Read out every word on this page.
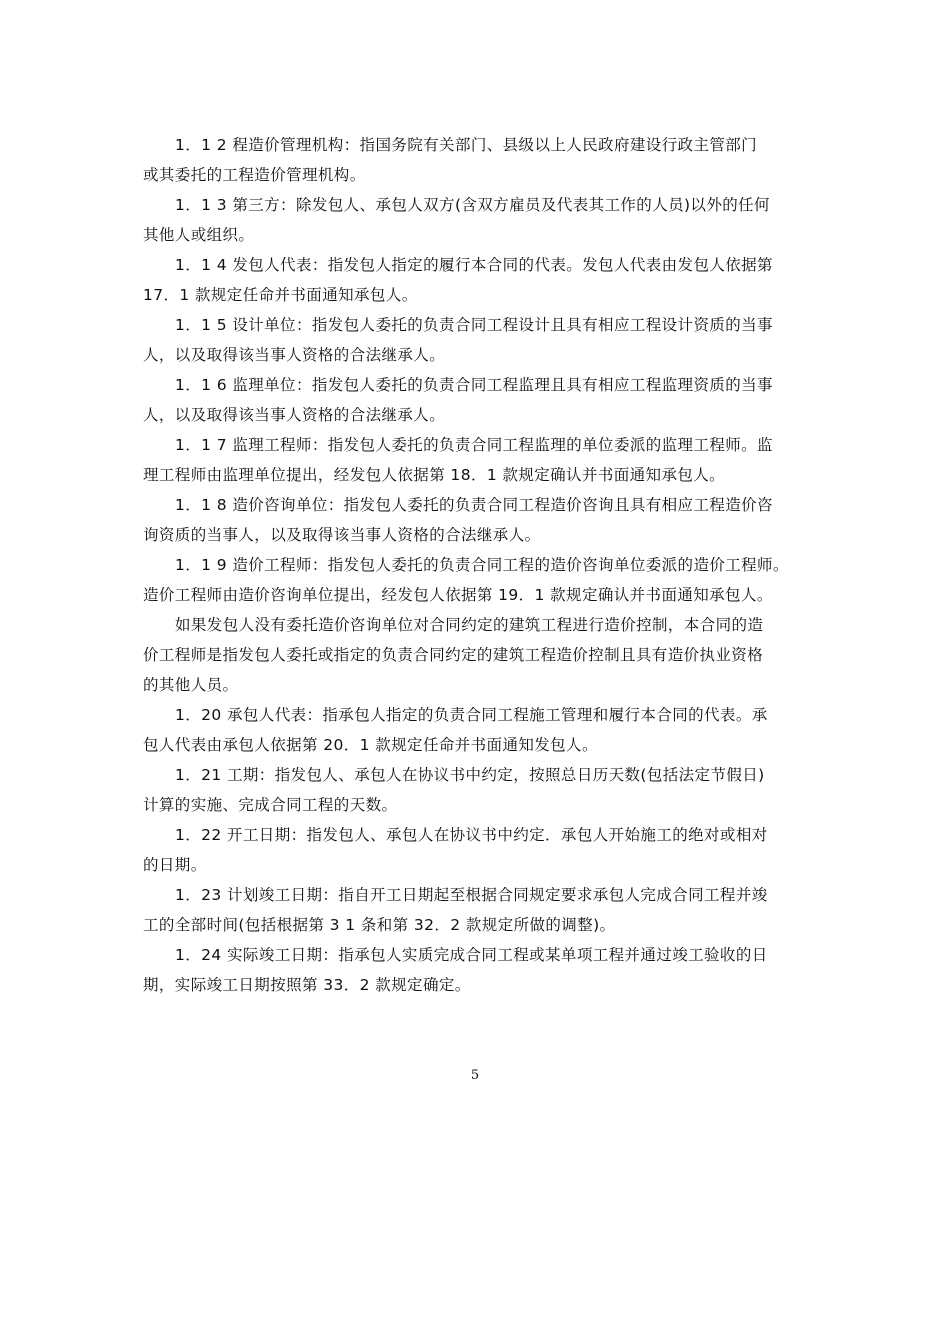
1．1 2 程造价管理机构：指国务院有关部门、县级以上人民政府建设行政主管部门
或其委托的工程造价管理机构。
1．1 3 第三方：除发包人、承包人双方(含双方雇员及代表其工作的人员)以外的任何
其他人或组织。
1．1 4 发包人代表：指发包人指定的履行本合同的代表。发包人代表由发包人依据第
17．1 款规定任命并书面通知承包人。
1．1 5 设计单位：指发包人委托的负责合同工程设计且具有相应工程设计资质的当事
人，以及取得该当事人资格的合法继承人。
1．1 6 监理单位：指发包人委托的负责合同工程监理且具有相应工程监理资质的当事
人，以及取得该当事人资格的合法继承人。
1．1 7 监理工程师：指发包人委托的负责合同工程监理的单位委派的监理工程师。监
理工程师由监理单位提出，经发包人依据第 18．1 款规定确认并书面通知承包人。
1．1 8 造价咨询单位：指发包人委托的负责合同工程造价咨询且具有相应工程造价咨
询资质的当事人，以及取得该当事人资格的合法继承人。
1．1 9 造价工程师：指发包人委托的负责合同工程的造价咨询单位委派的造价工程师。
造价工程师由造价咨询单位提出，经发包人依据第 19．1 款规定确认并书面通知承包人。
如果发包人没有委托造价咨询单位对合同约定的建筑工程进行造价控制，本合同的造
价工程师是指发包人委托或指定的负责合同约定的建筑工程造价控制且具有造价执业资格
的其他人员。
1．20 承包人代表：指承包人指定的负责合同工程施工管理和履行本合同的代表。承
包人代表由承包人依据第 20．1 款规定任命并书面通知发包人。
1．21 工期：指发包人、承包人在协议书中约定，按照总日历天数(包括法定节假日)
计算的实施、完成合同工程的天数。
1．22 开工日期：指发包人、承包人在协议书中约定．承包人开始施工的绝对或相对
的日期。
1．23 计划竣工日期：指自开工日期起至根据合同规定要求承包人完成合同工程并竣
工的全部时间(包括根据第 3 1 条和第 32．2 款规定所做的调整)。
1．24 实际竣工日期：指承包人实质完成合同工程或某单项工程并通过竣工验收的日
期，实际竣工日期按照第 33．2 款规定确定。
5
